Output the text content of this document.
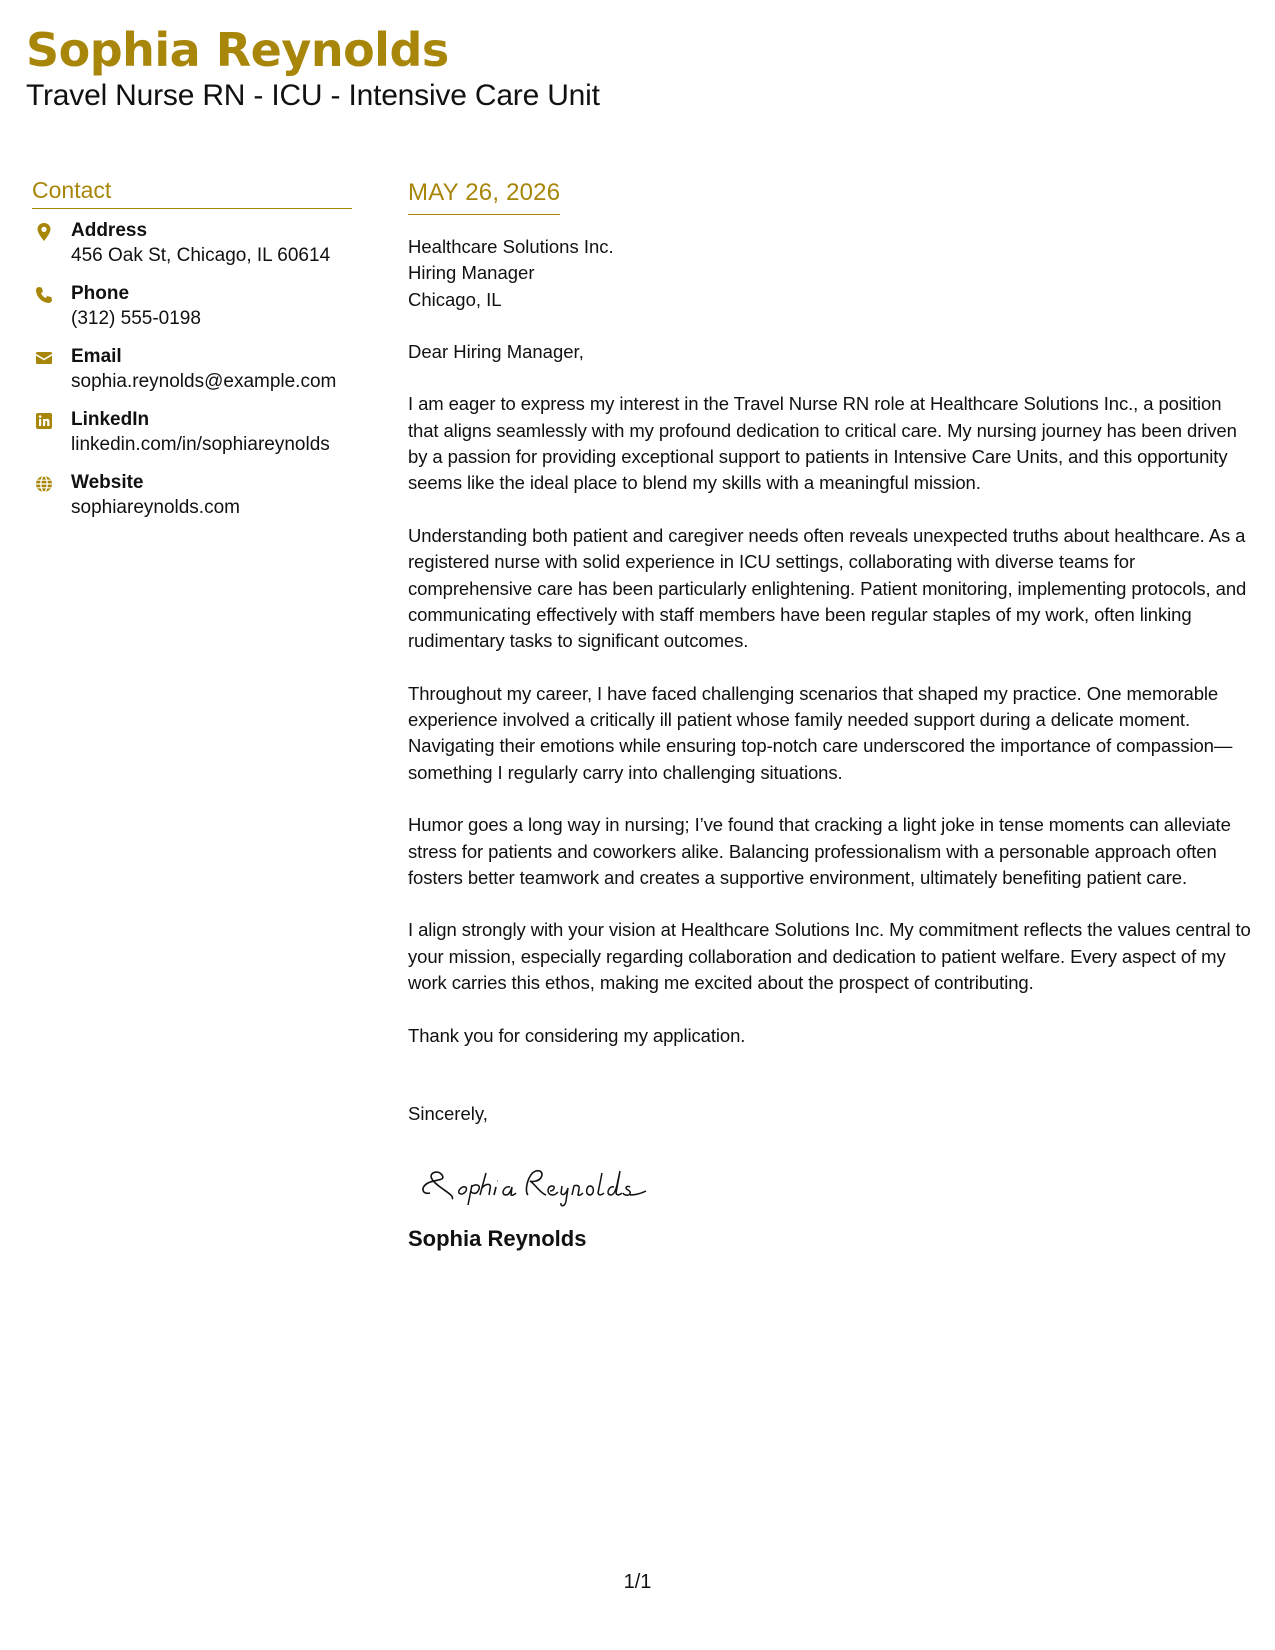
Sophia Reynolds
Travel Nurse RN - ICU - Intensive Care Unit
Contact
Address
456 Oak St, Chicago, IL 60614
Phone
(312) 555-0198
Email
sophia.reynolds@example.com
LinkedIn
linkedin.com/in/sophiareynolds
Website
sophiareynolds.com
MAY 26, 2026
Healthcare Solutions Inc.
Hiring Manager
Chicago, IL
Dear Hiring Manager,
I am eager to express my interest in the Travel Nurse RN role at Healthcare Solutions Inc., a position that aligns seamlessly with my profound dedication to critical care. My nursing journey has been driven by a passion for providing exceptional support to patients in Intensive Care Units, and this opportunity seems like the ideal place to blend my skills with a meaningful mission.
Understanding both patient and caregiver needs often reveals unexpected truths about healthcare. As a registered nurse with solid experience in ICU settings, collaborating with diverse teams for comprehensive care has been particularly enlightening. Patient monitoring, implementing protocols, and communicating effectively with staff members have been regular staples of my work, often linking rudimentary tasks to significant outcomes.
Throughout my career, I have faced challenging scenarios that shaped my practice. One memorable experience involved a critically ill patient whose family needed support during a delicate moment. Navigating their emotions while ensuring top-notch care underscored the importance of compassion—something I regularly carry into challenging situations.
Humor goes a long way in nursing; I’ve found that cracking a light joke in tense moments can alleviate stress for patients and coworkers alike. Balancing professionalism with a personable approach often fosters better teamwork and creates a supportive environment, ultimately benefiting patient care.
I align strongly with your vision at Healthcare Solutions Inc. My commitment reflects the values central to your mission, especially regarding collaboration and dedication to patient welfare. Every aspect of my work carries this ethos, making me excited about the prospect of contributing.
Thank you for considering my application.
Sincerely,
Sophia Reynolds
1/1
